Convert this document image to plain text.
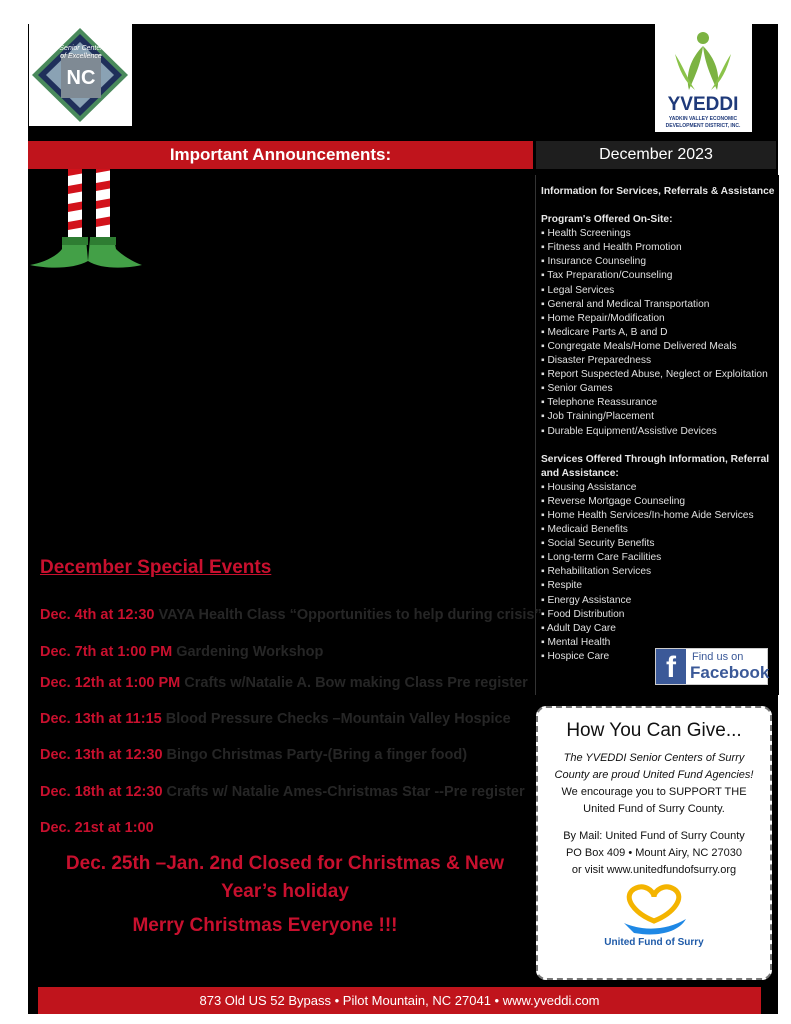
Senior Center
of Excellence
NC
YVEDDI
YADKIN VALLEY ECONOMIC
DEVELOPMENT DISTRICT, INC.
Important Announcements:	December 2023
Information for Services, Referrals & Assistance
Program's Offered On-Site:
▪ Health Screenings
▪ Fitness and Health Promotion
▪ Insurance Counseling
▪ Tax Preparation/Counseling
▪ Legal Services
▪ General and Medical Transportation
▪ Home Repair/Modification
▪ Medicare Parts A, B and D
▪ Congregate Meals/Home Delivered Meals
▪ Disaster Preparedness
▪ Report Suspected Abuse, Neglect or Exploitation
▪ Senior Games
▪ Telephone Reassurance
▪ Job Training/Placement
▪ Durable Equipment/Assistive Devices
Services Offered Through Information, Referral and Assistance:
▪ Housing Assistance
▪ Reverse Mortgage Counseling
▪ Home Health Services/In-home Aide Services
▪ Medicaid Benefits
▪ Social Security Benefits
▪ Long-term Care Facilities
▪ Rehabilitation Services
▪ Respite
▪ Energy Assistance
▪ Food Distribution
▪ Adult Day Care
▪ Mental Health
▪ Hospice Care	f	Find us on
Facebook
How You Can Give...

The YVEDDI Senior Centers of Surry County are proud United Fund Agencies!

We encourage you to SUPPORT THE United Fund of Surry County.

By Mail: United Fund of Surry County

PO Box 409 • Mount Airy, NC 27030

or visit www.unitedfundofsurry.org

United Fund of Surry
December Special Events
Dec. 4th at 12:30 VAYA Health Class “Opportunities to help during crisis”
Dec. 7th at 1:00 PM Gardening Workshop
Dec. 12th at 1:00 PM Crafts w/Natalie A. Bow making Class Pre register
Dec. 13th at 11:15 Blood Pressure Checks –Mountain Valley Hospice
Dec. 13th at 12:30 Bingo Christmas Party-(Bring a finger food)
Dec. 18th at 12:30 Crafts w/ Natalie Ames-Christmas Star --Pre register
Dec. 21st at 1:00
Dec. 25th –Jan. 2nd Closed for Christmas & New Year’s holiday
Merry Christmas Everyone !!!
873 Old US 52 Bypass • Pilot Mountain, NC 27041 • www.yveddi.com
